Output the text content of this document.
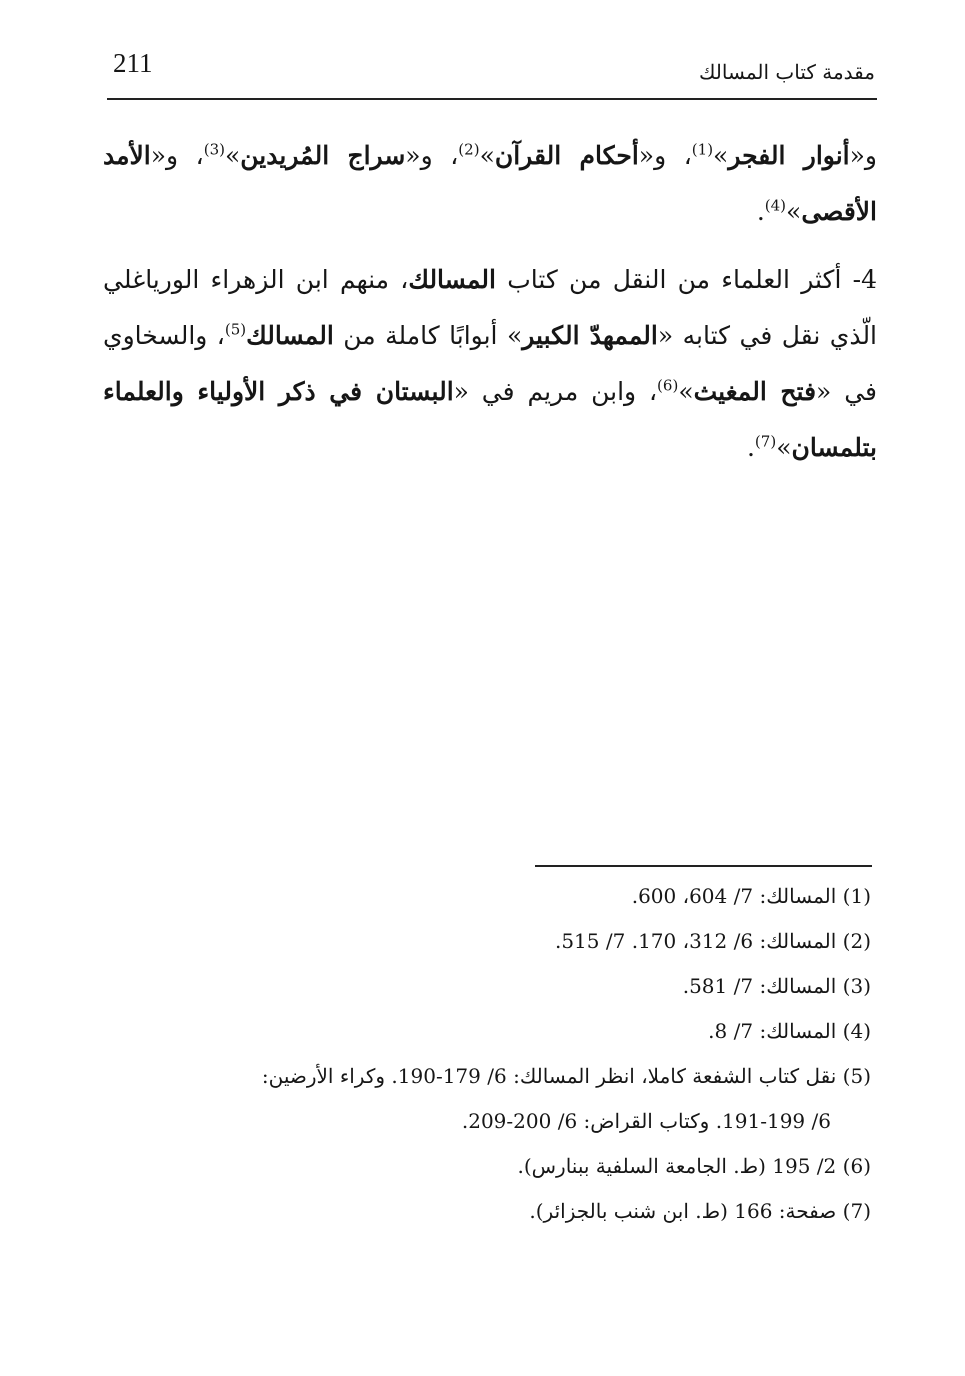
211	مقدمة كتاب المسالك

و«أنوار الفجر»$^{(1)}$، و«أحكام القرآن»$^{(2)}$، و«سراج المُريدين»$^{(3)}$، و«الأمد الأقصى»$^{(4)}$.

4- أكثر العلماء من النقل من كتاب المسالك، منهم ابن الزهراء الورياغلي الّذي نقل في كتابه «الممهدّ الكبير» أبوابًا كاملة من المسالك$^{(5)}$، والسخاوي في «فتح المغيث»$^{(6)}$، وابن مريم في «البستان في ذكر الأولياء والعلماء بتلمسان»$^{(7)}$.

(1) المسالك: 7/ 604، 600.

(2) المسالك: 6/ 312، 170. 7/ 515.

(3) المسالك: 7/ 581.

(4) المسالك: 7/ 8.

(5) نقل كتاب الشفعة كاملا، انظر المسالك: 6/ 179-190. وكراء الأرضين:
6/ 191-199. وكتاب القراض: 6/ 200-209.

(6) 2/ 195 (ط. الجامعة السلفية ببنارس).

(7) صفحة: 166 (ط. ابن شنب بالجزائر).
